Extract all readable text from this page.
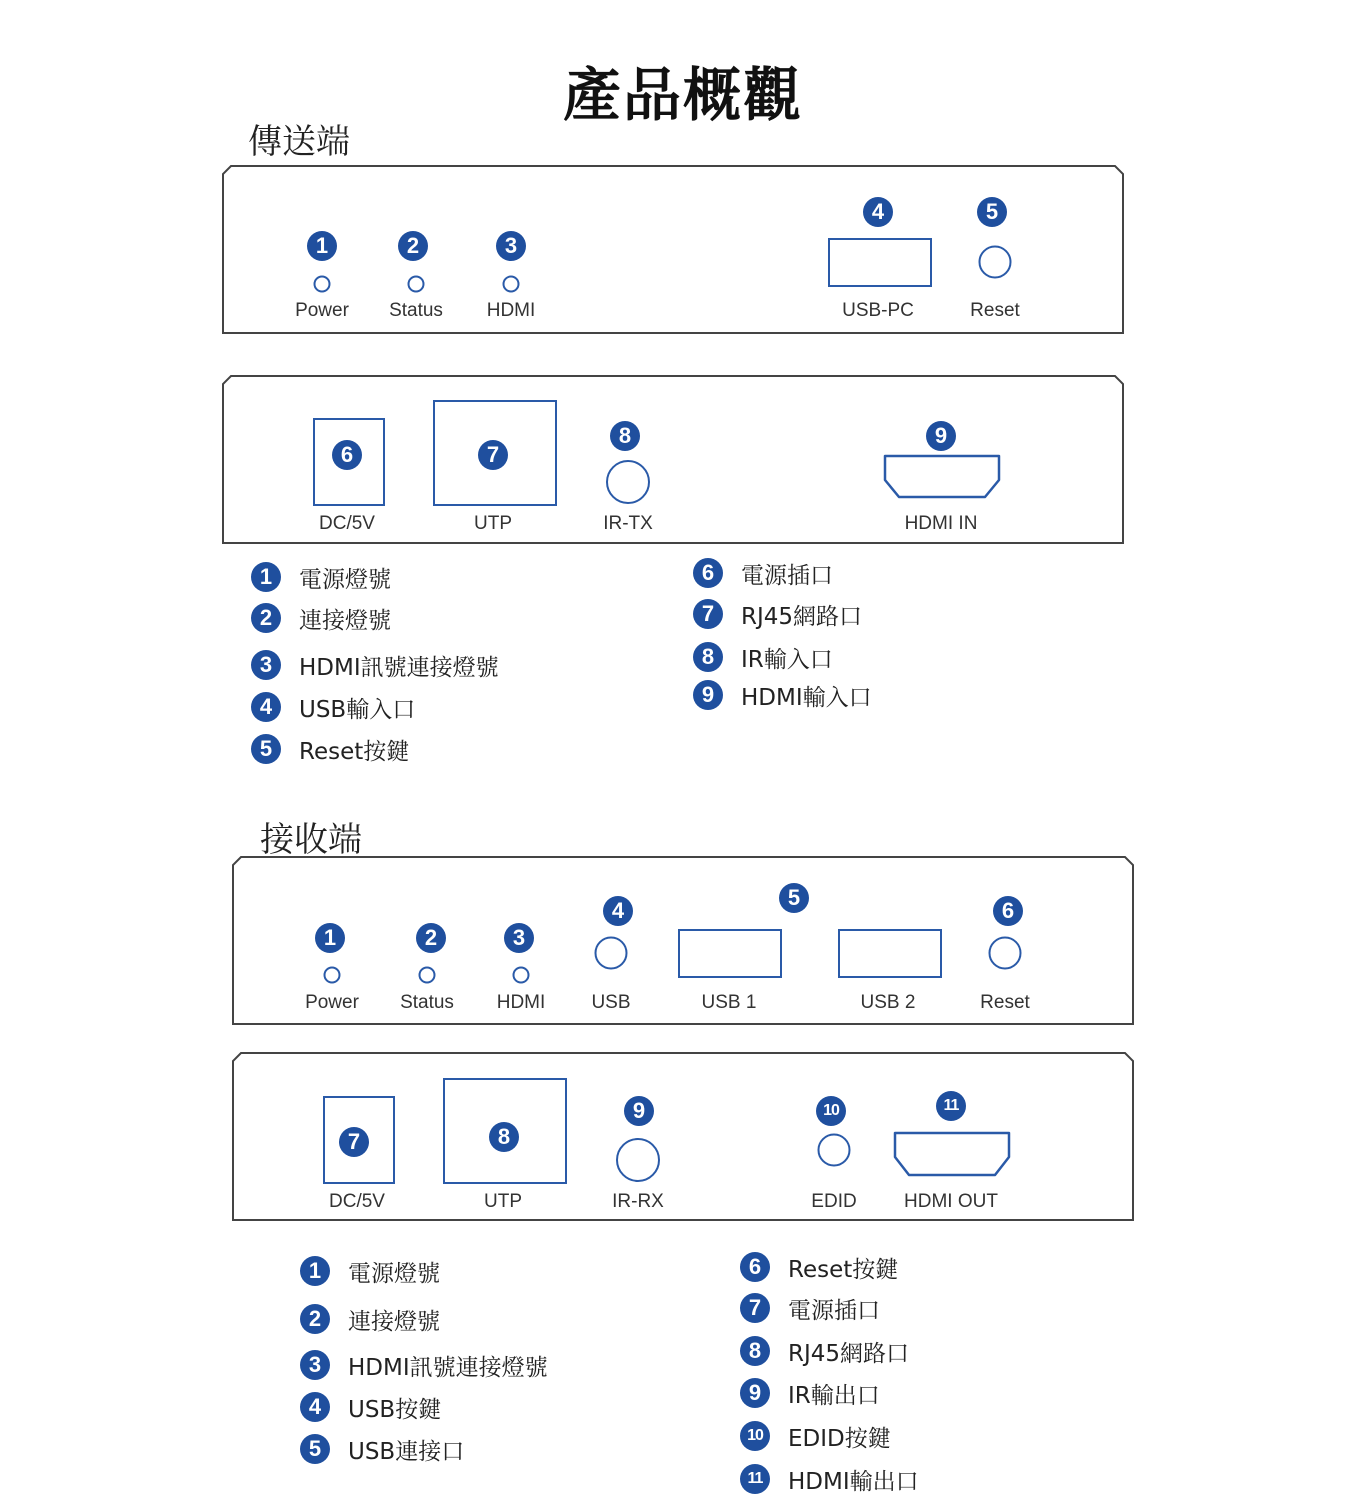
產品概觀
傳送端
接收端
1	2	3
4	5
Power Status HDMI	USB-PC	Reset
6	7
8	9
DC/5V	UTP	IR-TX	HDMI IN
1	電源燈號
2	連接燈號
3	HDMI訊號連接燈號
4	USB輸入口
5	Reset按鍵
6	電源插口
7	RJ45網路口
8	IR輸入口
9	HDMI輸入口
1	2	3
4
5
6
Power Status HDMI USB	USB 1	USB 2	Reset
7	8
9	10	11
DC/5V	UTP	IR-RX	EDID HDMI OUT
1	電源燈號
2	連接燈號
3	HDMI訊號連接燈號
4	USB按鍵
5	USB連接口
6	Reset按鍵
7	電源插口
8	RJ45網路口
9	IR輸出口
10	EDID按鍵
11	HDMI輸出口
